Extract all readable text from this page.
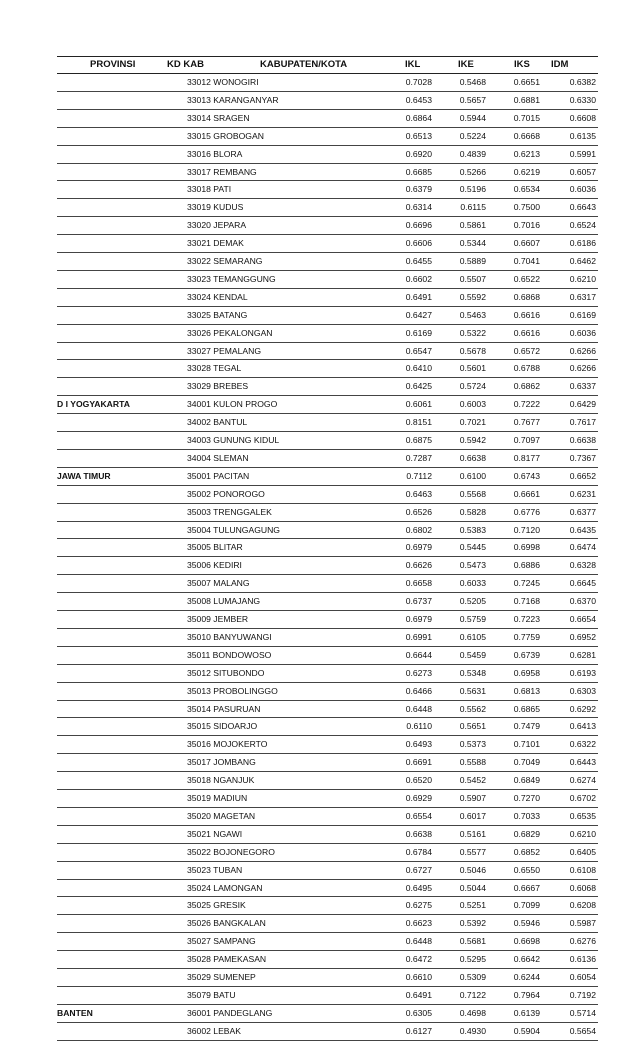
PROVINSI	KD KAB	KABUPATEN/KOTA	IKL	IKE	IKS IDM
33012 WONOGIRI	0.7028	0.5468	0.6651	0.6382
33013 KARANGANYAR	0.6453	0.5657	0.6881	0.6330
33014 SRAGEN	0.6864	0.5944	0.7015	0.6608
33015 GROBOGAN	0.6513	0.5224	0.6668	0.6135
33016 BLORA	0.6920	0.4839	0.6213	0.5991
33017 REMBANG	0.6685	0.5266	0.6219	0.6057
33018 PATI	0.6379	0.5196	0.6534	0.6036
33019 KUDUS	0.6314	0.6115	0.7500	0.6643
33020 JEPARA	0.6696	0.5861	0.7016	0.6524
33021 DEMAK	0.6606	0.5344	0.6607	0.6186
33022 SEMARANG	0.6455	0.5889	0.7041	0.6462
33023 TEMANGGUNG	0.6602	0.5507	0.6522	0.6210
33024 KENDAL	0.6491	0.5592	0.6868	0.6317
33025 BATANG	0.6427	0.5463	0.6616	0.6169
33026 PEKALONGAN	0.6169	0.5322	0.6616	0.6036
33027 PEMALANG	0.6547	0.5678	0.6572	0.6266
33028 TEGAL	0.6410	0.5601	0.6788	0.6266
33029 BREBES	0.6425	0.5724	0.6862	0.6337
D I YOGYAKARTA	34001 KULON PROGO	0.6061	0.6003	0.7222	0.6429
34002 BANTUL	0.8151	0.7021	0.7677	0.7617
34003 GUNUNG KIDUL	0.6875	0.5942	0.7097	0.6638
34004 SLEMAN	0.7287	0.6638	0.8177	0.7367
JAWA TIMUR	35001 PACITAN	0.7112	0.6100	0.6743	0.6652
35002 PONOROGO	0.6463	0.5568	0.6661	0.6231
35003 TRENGGALEK	0.6526	0.5828	0.6776	0.6377
35004 TULUNGAGUNG	0.6802	0.5383	0.7120	0.6435
35005 BLITAR	0.6979	0.5445	0.6998	0.6474
35006 KEDIRI	0.6626	0.5473	0.6886	0.6328
35007 MALANG	0.6658	0.6033	0.7245	0.6645
35008 LUMAJANG	0.6737	0.5205	0.7168	0.6370
35009 JEMBER	0.6979	0.5759	0.7223	0.6654
35010 BANYUWANGI	0.6991	0.6105	0.7759	0.6952
35011 BONDOWOSO	0.6644	0.5459	0.6739	0.6281
35012 SITUBONDO	0.6273	0.5348	0.6958	0.6193
35013 PROBOLINGGO	0.6466	0.5631	0.6813	0.6303
35014 PASURUAN	0.6448	0.5562	0.6865	0.6292
35015 SIDOARJO	0.6110	0.5651	0.7479	0.6413
35016 MOJOKERTO	0.6493	0.5373	0.7101	0.6322
35017 JOMBANG	0.6691	0.5588	0.7049	0.6443
35018 NGANJUK	0.6520	0.5452	0.6849	0.6274
35019 MADIUN	0.6929	0.5907	0.7270	0.6702
35020 MAGETAN	0.6554	0.6017	0.7033	0.6535
35021 NGAWI	0.6638	0.5161	0.6829	0.6210
35022 BOJONEGORO	0.6784	0.5577	0.6852	0.6405
35023 TUBAN	0.6727	0.5046	0.6550	0.6108
35024 LAMONGAN	0.6495	0.5044	0.6667	0.6068
35025 GRESIK	0.6275	0.5251	0.7099	0.6208
35026 BANGKALAN	0.6623	0.5392	0.5946	0.5987
35027 SAMPANG	0.6448	0.5681	0.6698	0.6276
35028 PAMEKASAN	0.6472	0.5295	0.6642	0.6136
35029 SUMENEP	0.6610	0.5309	0.6244	0.6054
35079 BATU	0.6491	0.7122	0.7964	0.7192
BANTEN	36001 PANDEGLANG	0.6305	0.4698	0.6139	0.5714
36002 LEBAK	0.6127	0.4930	0.5904	0.5654
